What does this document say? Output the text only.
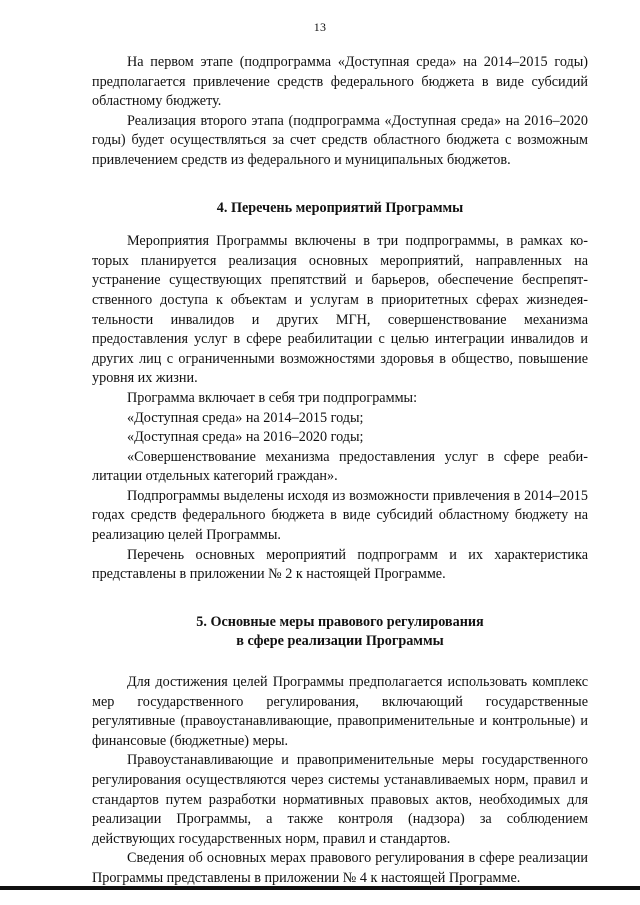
13

На первом этапе (подпрограмма «Доступная среда» на 2014–2015 годы) предполагается привлечение средств федерального бюджета в виде субсидий областному бюджету.

Реализация второго этапа (подпрограмма «Доступная среда» на 2016–2020 годы) будет осуществляться за счет средств областного бюджета с возможным привлечением средств из федерального и муниципальных бюджетов.

4. Перечень мероприятий Программы

Мероприятия Программы включены в три подпрограммы, в рамках которых планируется реализация основных мероприятий, направленных на устранение существующих препятствий и барьеров, обеспечение беспрепятственного доступа к объектам и услугам в приоритетных сферах жизнедеятельности инвалидов и других МГН, совершенствование механизма предоставления услуг в сфере реабилитации с целью интеграции инвалидов и других лиц с ограниченными возможностями здоровья в общество, повышение уровня их жизни.

Программа включает в себя три подпрограммы:

«Доступная среда» на 2014–2015 годы;

«Доступная среда» на 2016–2020 годы;

«Совершенствование механизма предоставления услуг в сфере реабилитации отдельных категорий граждан».

Подпрограммы выделены исходя из возможности привлечения в 2014–2015 годах средств федерального бюджета в виде субсидий областному бюджету на реализацию целей Программы.

Перечень основных мероприятий подпрограмм и их характеристика представлены в приложении № 2 к настоящей Программе.

5. Основные меры правового регулирования
в сфере реализации Программы

Для достижения целей Программы предполагается использовать комплекс мер государственного регулирования, включающий государственные регулятивные (правоустанавливающие, правоприменительные и контрольные) и финансовые (бюджетные) меры.

Правоустанавливающие и правоприменительные меры государственного регулирования осуществляются через системы устанавливаемых норм, правил и стандартов путем разработки нормативных правовых актов, необходимых для реализации Программы, а также контроля (надзора) за соблюдением действующих государственных норм, правил и стандартов.

Сведения об основных мерах правового регулирования в сфере реализации Программы представлены в приложении № 4 к настоящей Программе.
